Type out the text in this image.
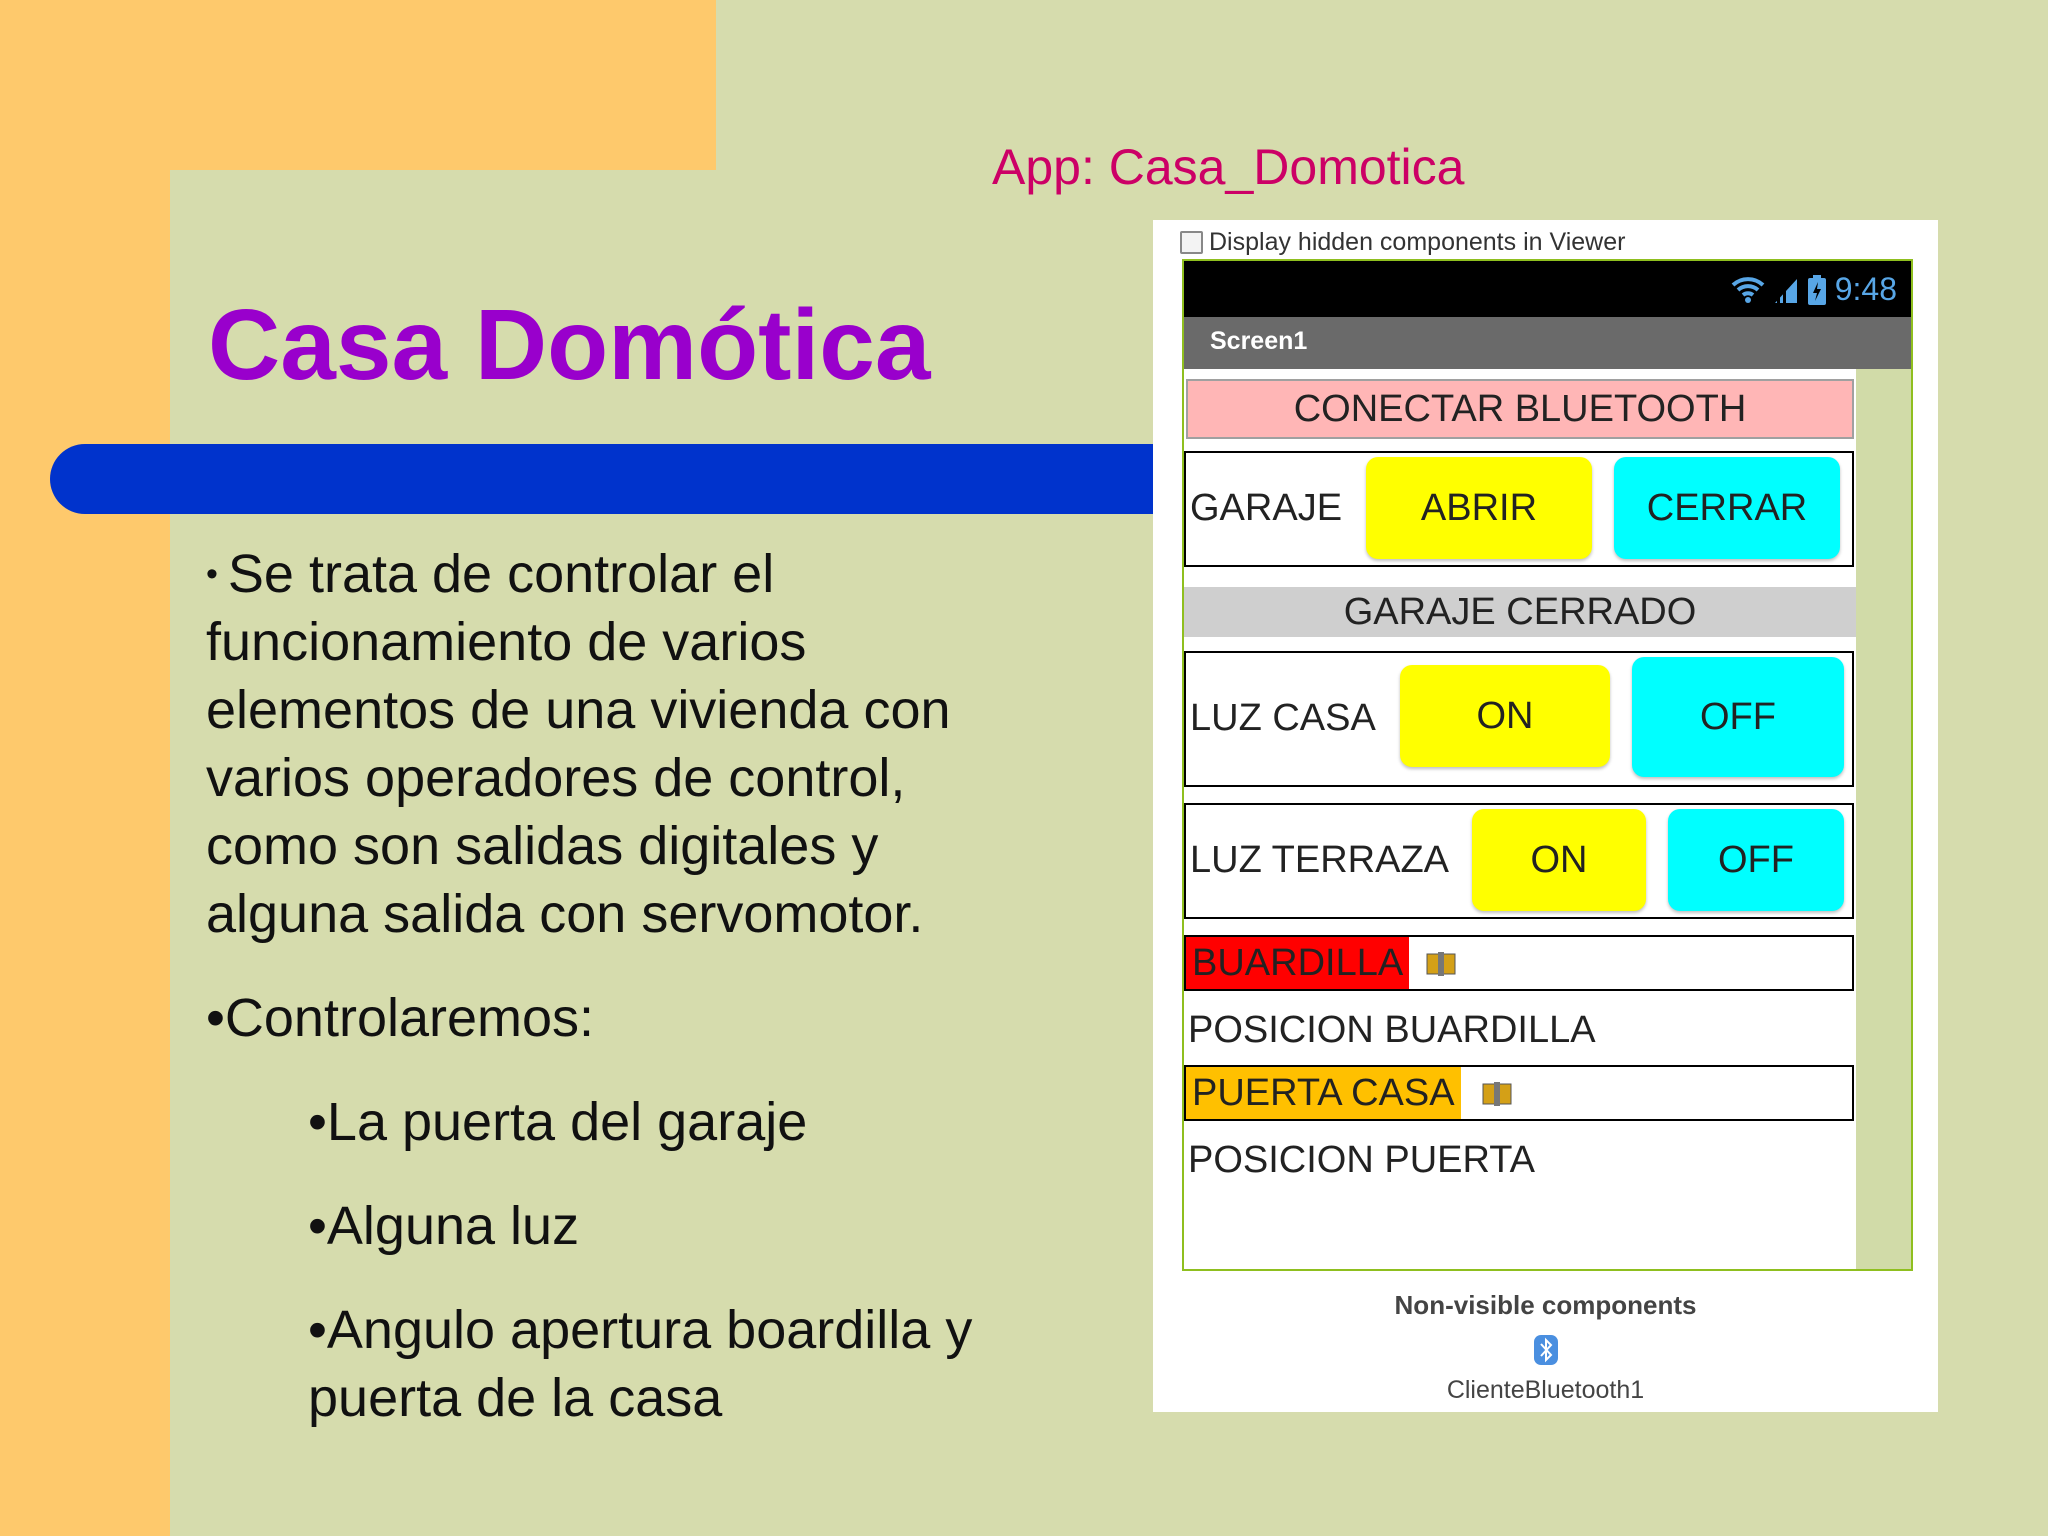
App: Casa_Domotica
Casa Domótica

• Se trata de controlar el funcionamiento de varios elementos de una vivienda con varios operadores de control, como son salidas digitales y alguna salida con servomotor.

•Controlaremos:

•La puerta del garaje

•Alguna luz

•Angulo apertura boardilla y puerta de la casa

Display hidden components in Viewer
9:48
Screen1
CONECTAR BLUETOOTH
GARAJE	ABRIR	CERRAR
GARAJE CERRADO
LUZ CASA	ON	OFF
LUZ TERRAZA	ON	OFF
BUARDILLA
POSICION BUARDILLA
PUERTA CASA
POSICION PUERTA
Non-visible components
ClienteBluetooth1
